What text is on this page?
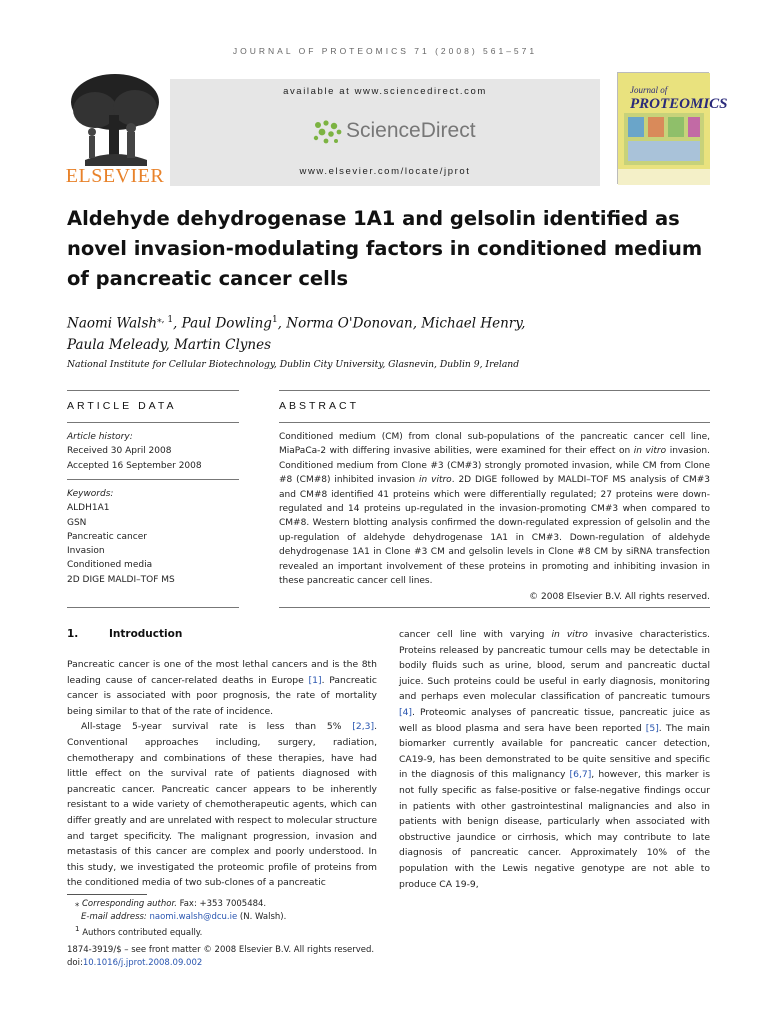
JOURNAL OF PROTEOMICS 71 (2008) 561–571
ELSEVIER
available at www.sciencedirect.com
ScienceDirect
www.elsevier.com/locate/jprot
Journal of
PROTEOMICS
Aldehyde dehydrogenase 1A1 and gelsolin identified as novel invasion-modulating factors in conditioned medium of pancreatic cancer cells
Naomi Walsh$^{⁎, 1}$, Paul Dowling$^1$, Norma O'Donovan, Michael Henry,
Paula Meleady, Martin Clynes
National Institute for Cellular Biotechnology, Dublin City University, Glasnevin, Dublin 9, Ireland
ARTICLE DATA	ABSTRACT
Article history:
Received 30 April 2008
Accepted 16 September 2008
Keywords:
ALDH1A1
GSN
Pancreatic cancer
Invasion
Conditioned media
2D DIGE MALDI–TOF MS
Conditioned medium (CM) from clonal sub-populations of the pancreatic cancer cell line, MiaPaCa-2 with differing invasive abilities, were examined for their effect on in vitro invasion. Conditioned medium from Clone #3 (CM#3) strongly promoted invasion, while CM from Clone #8 (CM#8) inhibited invasion in vitro. 2D DIGE followed by MALDI–TOF MS analysis of CM#3 and CM#8 identified 41 proteins which were differentially regulated; 27 proteins were down-regulated and 14 proteins up-regulated in the invasion-promoting CM#3 when compared to CM#8. Western blotting analysis confirmed the down-regulated expression of gelsolin and the up-regulation of aldehyde dehydrogenase 1A1 in CM#3. Down-regulation of aldehyde dehydrogenase 1A1 in Clone #3 CM and gelsolin levels in Clone #8 CM by siRNA transfection revealed an important involvement of these proteins in promoting and inhibiting invasion in these pancreatic cancer cell lines.
© 2008 Elsevier B.V. All rights reserved.
1.	Introduction

Pancreatic cancer is one of the most lethal cancers and is the 8th leading cause of cancer-related deaths in Europe [1]. Pancreatic cancer is associated with poor prognosis, the rate of mortality being similar to that of the rate of incidence.

All-stage 5-year survival rate is less than 5% [2,3]. Conventional approaches including, surgery, radiation, chemotherapy and combinations of these therapies, have had little effect on the survival rate of patients diagnosed with pancreatic cancer. Pancreatic cancer appears to be inherently resistant to a wide variety of chemotherapeutic agents, which can differ greatly and are unrelated with respect to molecular structure and target specificity. The malignant progression, invasion and metastasis of this cancer are complex and poorly understood. In this study, we investigated the proteomic profile of proteins from the conditioned media of two sub-clones of a pancreatic

cancer cell line with varying in vitro invasive characteristics. Proteins released by pancreatic tumour cells may be detectable in bodily fluids such as urine, blood, serum and pancreatic ductal juice. Such proteins could be useful in early diagnosis, monitoring and perhaps even molecular classification of pancreatic tumours [4]. Proteomic analyses of pancreatic tissue, pancreatic juice as well as blood plasma and sera have been reported [5]. The main biomarker currently available for pancreatic cancer detection, CA19-9, has been demonstrated to be quite sensitive and specific in the diagnosis of this malignancy [6,7], however, this marker is not fully specific as false-positive or false-negative findings occur in patients with other gastrointestinal malignancies and also in patients with benign disease, particularly when associated with obstructive jaundice or cirrhosis, which may contribute to late diagnosis of pancreatic cancer. Approximately 10% of the population with the Lewis negative genotype are not able to produce CA 19-9,

⁎ Corresponding author. Fax: +353 7005484.
E-mail address: naomi.walsh@dcu.ie (N. Walsh).
$^1$ Authors contributed equally.
1874-3919/$ – see front matter © 2008 Elsevier B.V. All rights reserved.
doi:10.1016/j.jprot.2008.09.002
